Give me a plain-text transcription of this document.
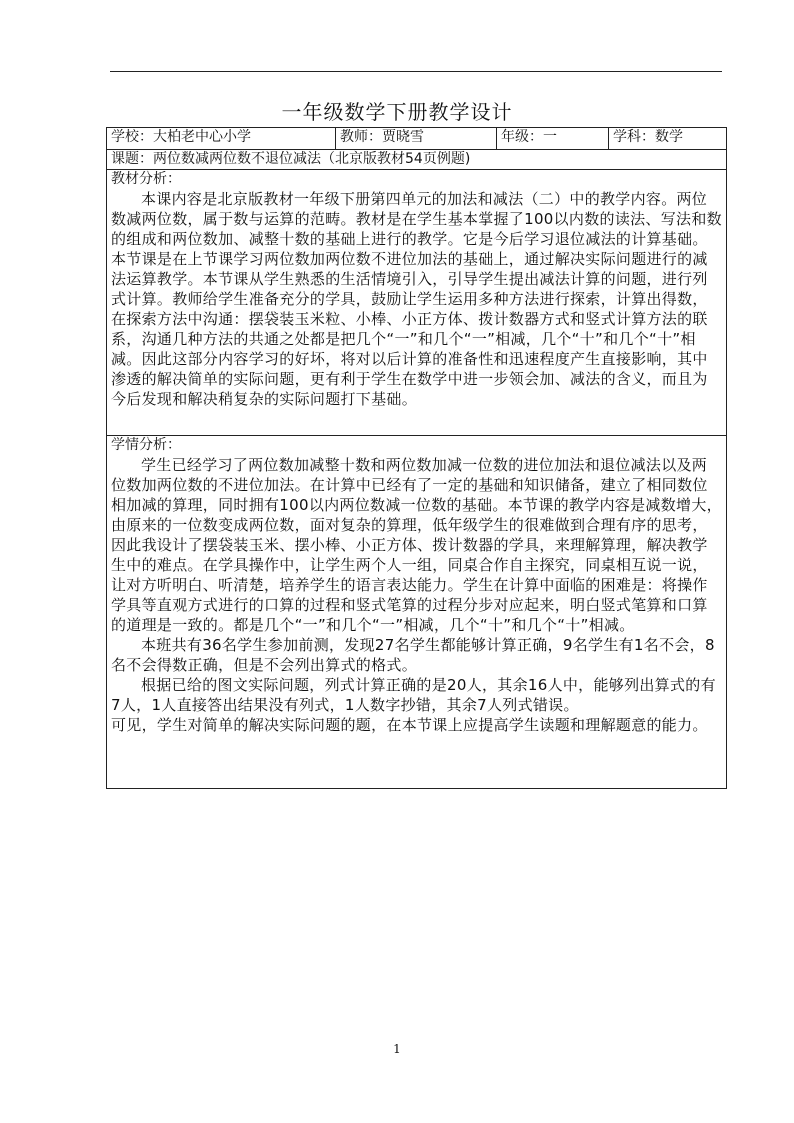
一年级数学下册教学设计
学校：大柏老中心小学	教师：贾晓雪	年级：一	学科：数学
课题：两位数减两位数不退位减法（北京版教材54页例题)

教材分析：

本课内容是北京版教材一年级下册第四单元的加法和减法（二）中的教学内容。两位数减两位数，属于数与运算的范畴。教材是在学生基本掌握了100以内数的读法、写法和数的组成和两位数加、减整十数的基础上进行的教学。它是今后学习退位减法的计算基础。本节课是在上节课学习两位数加两位数不进位加法的基础上，通过解决实际问题进行的减法运算教学。本节课从学生熟悉的生活情境引入，引导学生提出减法计算的问题，进行列式计算。教师给学生准备充分的学具，鼓励让学生运用多种方法进行探索，计算出得数，在探索方法中沟通：摆袋装玉米粒、小棒、小正方体、拨计数器方式和竖式计算方法的联系，沟通几种方法的共通之处都是把几个“一”和几个“一”相减，几个“十”和几个“十”相减。因此这部分内容学习的好坏，将对以后计算的准备性和迅速程度产生直接影响，其中渗透的解决简单的实际问题，更有利于学生在数学中进一步领会加、减法的含义，而且为今后发现和解决稍复杂的实际问题打下基础。

学情分析：

学生已经学习了两位数加减整十数和两位数加减一位数的进位加法和退位减法以及两位数加两位数的不进位加法。在计算中已经有了一定的基础和知识储备，建立了相同数位相加减的算理，同时拥有100以内两位数减一位数的基础。本节课的教学内容是减数增大，由原来的一位数变成两位数，面对复杂的算理，低年级学生的很难做到合理有序的思考，因此我设计了摆袋装玉米、摆小棒、小正方体、拨计数器的学具，来理解算理，解决教学生中的难点。在学具操作中，让学生两个人一组，同桌合作自主探究，同桌相互说一说，让对方听明白、听清楚，培养学生的语言表达能力。学生在计算中面临的困难是：将操作学具等直观方式进行的口算的过程和竖式笔算的过程分步对应起来，明白竖式笔算和口算的道理是一致的。都是几个“一”和几个“一”相减，几个“十”和几个“十”相减。

本班共有36名学生参加前测，发现27名学生都能够计算正确，9名学生有1名不会，8名不会得数正确，但是不会列出算式的格式。

根据已给的图文实际问题，列式计算正确的是20人，其余16人中，能够列出算式的有7人，1人直接答出结果没有列式，1人数字抄错，其余7人列式错误。

可见，学生对简单的解决实际问题的题，在本节课上应提高学生读题和理解题意的能力。

1
